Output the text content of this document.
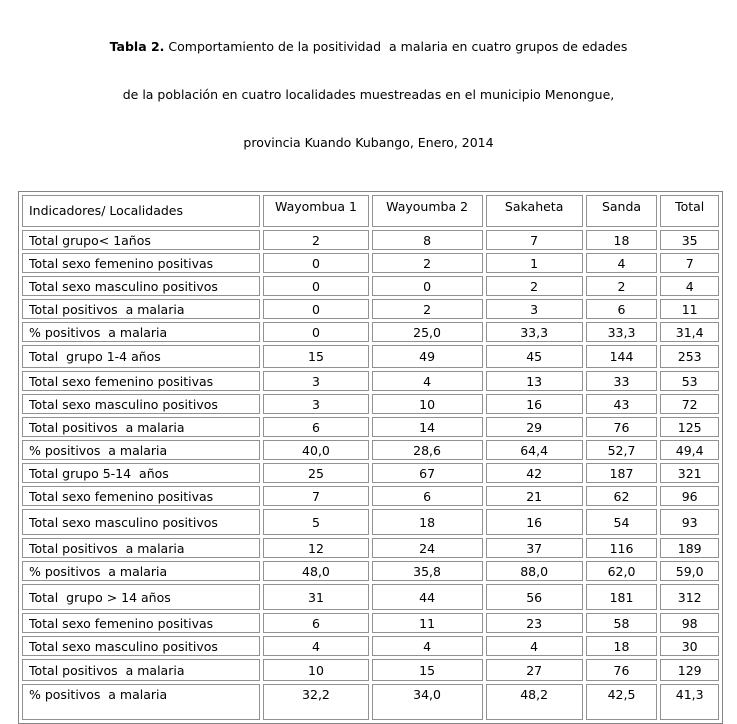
Tabla 2. Comportamiento de la positividad  a malaria en cuatro grupos de edades

de la población en cuatro localidades muestreadas en el municipio Menongue,

provincia Kuando Kubango, Enero, 2014

Indicadores/ Localidades	Wayombua 1	Wayoumba 2	Sakaheta	Sanda	Total
Total grupo< 1años	2	8	7	18	35
Total sexo femenino positivas	0	2	1	4	7
Total sexo masculino positivos	0	0	2	2	4
Total positivos  a malaria	0	2	3	6	11
% positivos  a malaria	0	25,0	33,3	33,3	31,4
Total  grupo 1-4 años	15	49	45	144	253
Total sexo femenino positivas	3	4	13	33	53
Total sexo masculino positivos	3	10	16	43	72
Total positivos  a malaria	6	14	29	76	125
% positivos  a malaria	40,0	28,6	64,4	52,7	49,4
Total grupo 5-14  años	25	67	42	187	321
Total sexo femenino positivas	7	6	21	62	96
Total sexo masculino positivos	5	18	16	54	93
Total positivos  a malaria	12	24	37	116	189
% positivos  a malaria	48,0	35,8	88,0	62,0	59,0
Total  grupo > 14 años	31	44	56	181	312
Total sexo femenino positivas	6	11	23	58	98
Total sexo masculino positivos	4	4	4	18	30
Total positivos  a malaria	10	15	27	76	129
% positivos  a malaria	32,2	34,0	48,2	42,5	41,3
